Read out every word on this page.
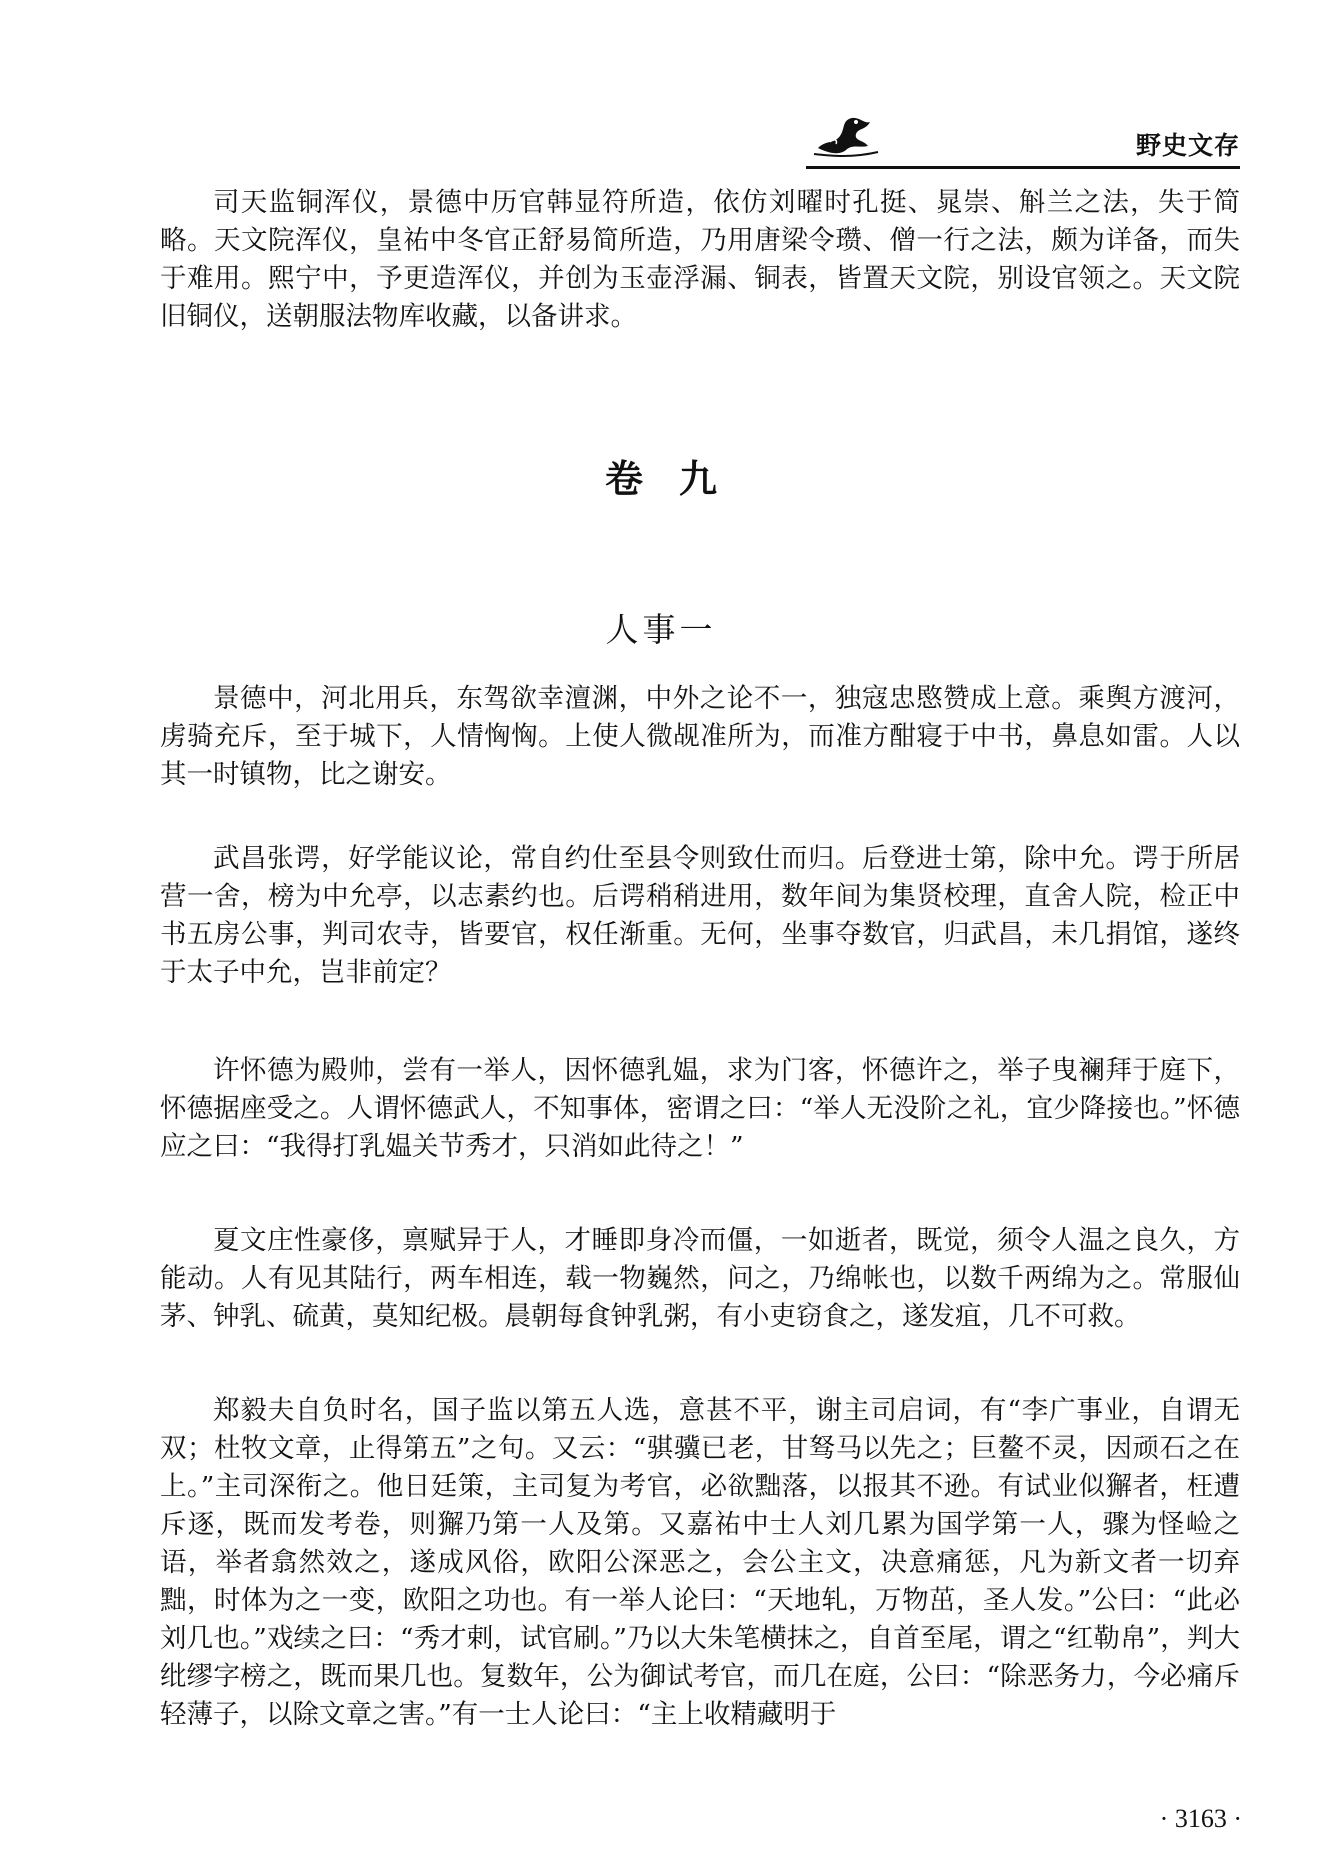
野史文存

司天监铜浑仪，景德中历官韩显符所造，依仿刘曜时孔挺、晁崇、斛兰之法，失于简略。天文院浑仪，皇祐中冬官正舒易简所造，乃用唐梁令瓒、僧一行之法，颇为详备，而失于难用。熙宁中，予更造浑仪，并创为玉壶浮漏、铜表，皆置天文院，别设官领之。天文院旧铜仪，送朝服法物库收藏，以备讲求。

卷九
人事一

景德中，河北用兵，东驾欲幸澶渊，中外之论不一，独寇忠愍赞成上意。乘舆方渡河，虏骑充斥，至于城下，人情恟恟。上使人微觇准所为，而准方酣寝于中书，鼻息如雷。人以其一时镇物，比之谢安。

武昌张谔，好学能议论，常自约仕至县令则致仕而归。后登进士第，除中允。谔于所居营一舍，榜为中允亭，以志素约也。后谔稍稍进用，数年间为集贤校理，直舍人院，检正中书五房公事，判司农寺，皆要官，权任渐重。无何，坐事夺数官，归武昌，未几捐馆，遂终于太子中允，岂非前定？

许怀德为殿帅，尝有一举人，因怀德乳媪，求为门客，怀德许之，举子曳襕拜于庭下，怀德据座受之。人谓怀德武人，不知事体，密谓之曰：“举人无没阶之礼，宜少降接也。”怀德应之曰：“我得打乳媪关节秀才，只消如此待之！”

夏文庄性豪侈，禀赋异于人，才睡即身冷而僵，一如逝者，既觉，须令人温之良久，方能动。人有见其陆行，两车相连，载一物巍然，问之，乃绵帐也，以数千两绵为之。常服仙茅、钟乳、硫黄，莫知纪极。晨朝每食钟乳粥，有小吏窃食之，遂发疽，几不可救。

郑毅夫自负时名，国子监以第五人选，意甚不平，谢主司启词，有“李广事业，自谓无双；杜牧文章，止得第五”之句。又云：“骐骥已老，甘驽马以先之；巨鳌不灵，因顽石之在上。”主司深衔之。他日廷策，主司复为考官，必欲黜落，以报其不逊。有试业似獬者，枉遭斥逐，既而发考卷，则獬乃第一人及第。又嘉祐中士人刘几累为国学第一人，骤为怪崄之语，举者翕然效之，遂成风俗，欧阳公深恶之，会公主文，决意痛惩，凡为新文者一切弃黜，时体为之一变，欧阳之功也。有一举人论曰：“天地轧，万物茁，圣人发。”公曰：“此必刘几也。”戏续之曰：“秀才剌，试官刷。”乃以大朱笔横抹之，自首至尾，谓之“红勒帛”，判大纰缪字榜之，既而果几也。复数年，公为御试考官，而几在庭，公曰：“除恶务力，今必痛斥轻薄子，以除文章之害。”有一士人论曰：“主上收精藏明于

· 3163 ·
